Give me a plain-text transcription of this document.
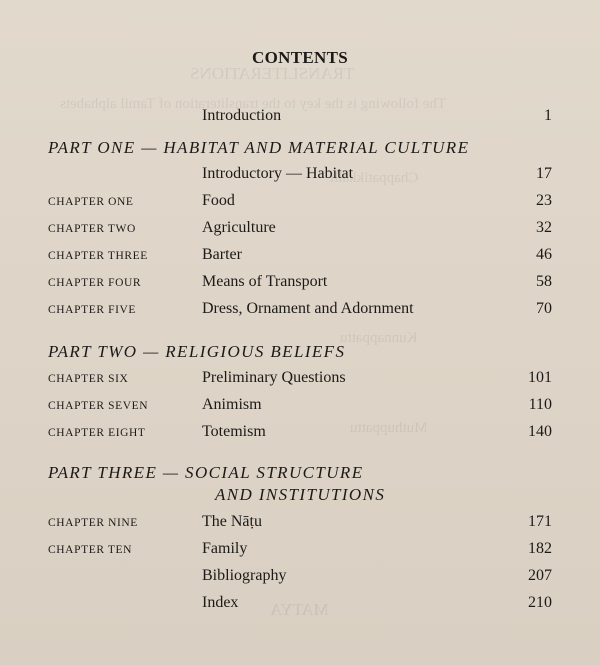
TRANSLITERATIONS
The following is the key to the transliteration of Tamil alphabets
Chappatikkalli
Kunnappattu
Muthuppattu
MATYA
CONTENTS
Introduction	1
PART ONE — HABITAT AND MATERIAL CULTURE
Introductory — Habitat	17
CHAPTER ONE	Food	23
CHAPTER TWO	Agriculture	32
CHAPTER THREE	Barter	46
CHAPTER FOUR	Means of Transport	58
CHAPTER FIVE	Dress, Ornament and Adornment	70
PART TWO — RELIGIOUS BELIEFS
CHAPTER SIX	Preliminary Questions	101
CHAPTER SEVEN	Animism	110
CHAPTER EIGHT	Totemism	140
PART THREE — SOCIAL STRUCTURE
AND INSTITUTIONS
CHAPTER NINE	The Nāṭu	171
CHAPTER TEN	Family	182
Bibliography	207
Index	210
